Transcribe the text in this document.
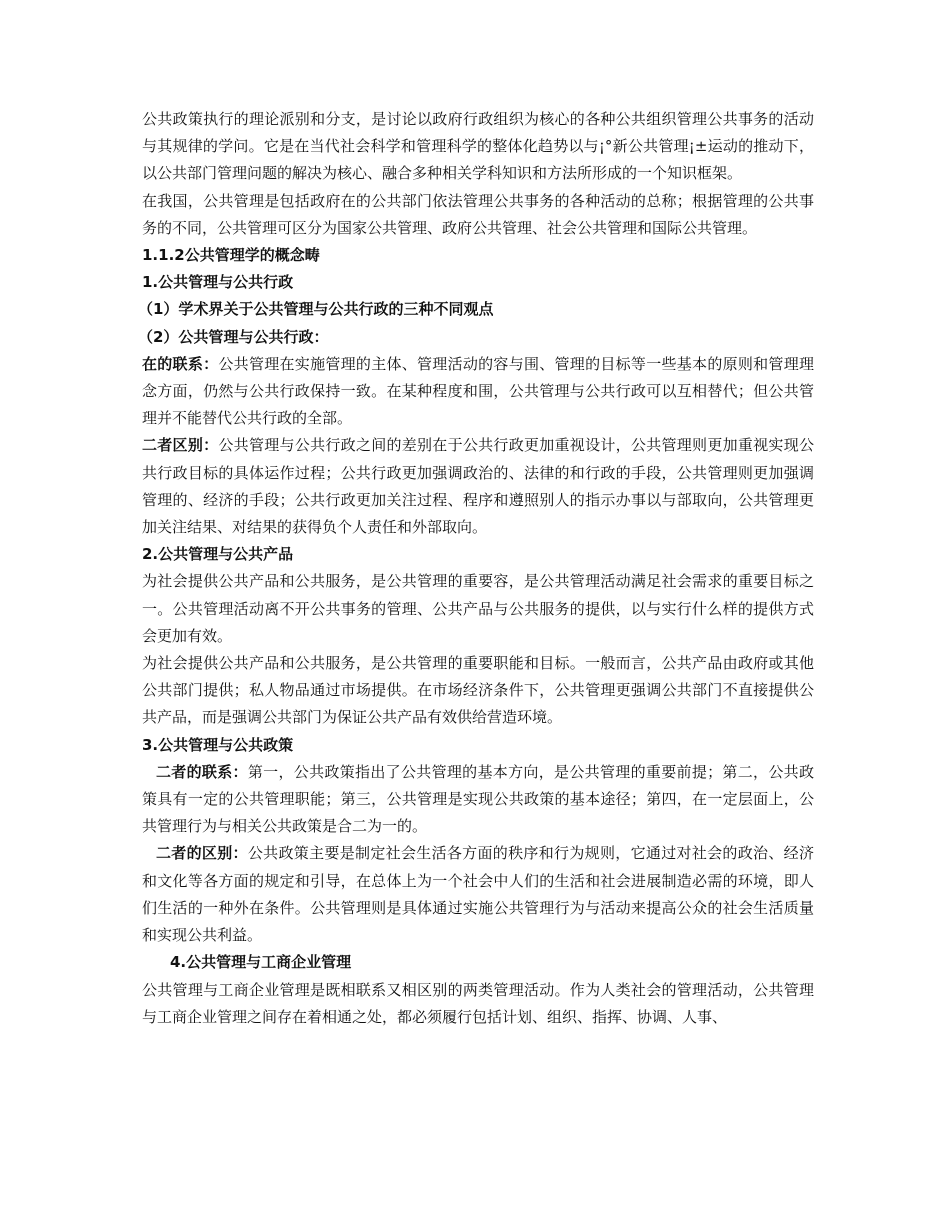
公共政策执行的理论派别和分支，是讨论以政府行政组织为核心的各种公共组织管理公共事务的活动与其规律的学问。它是在当代社会科学和管理科学的整体化趋势以与¡°新公共管理¡±运动的推动下，以公共部门管理问题的解决为核心、融合多种相关学科知识和方法所形成的一个知识框架。

在我国，公共管理是包括政府在的公共部门依法管理公共事务的各种活动的总称；根据管理的公共事务的不同，公共管理可区分为国家公共管理、政府公共管理、社会公共管理和国际公共管理。

1.1.2公共管理学的概念畴

1.公共管理与公共行政

（1）学术界关于公共管理与公共行政的三种不同观点

（2）公共管理与公共行政：

在的联系：公共管理在实施管理的主体、管理活动的容与围、管理的目标等一些基本的原则和管理理念方面，仍然与公共行政保持一致。在某种程度和围，公共管理与公共行政可以互相替代；但公共管理并不能替代公共行政的全部。

二者区别：公共管理与公共行政之间的差别在于公共行政更加重视设计，公共管理则更加重视实现公共行政目标的具体运作过程；公共行政更加强调政治的、法律的和行政的手段，公共管理则更加强调管理的、经济的手段；公共行政更加关注过程、程序和遵照别人的指示办事以与部取向，公共管理更加关注结果、对结果的获得负个人责任和外部取向。

2.公共管理与公共产品

为社会提供公共产品和公共服务，是公共管理的重要容，是公共管理活动满足社会需求的重要目标之一。公共管理活动离不开公共事务的管理、公共产品与公共服务的提供，以与实行什么样的提供方式会更加有效。

为社会提供公共产品和公共服务，是公共管理的重要职能和目标。一般而言，公共产品由政府或其他公共部门提供；私人物品通过市场提供。在市场经济条件下，公共管理更强调公共部门不直接提供公共产品，而是强调公共部门为保证公共产品有效供给营造环境。

3.公共管理与公共政策

二者的联系：第一，公共政策指出了公共管理的基本方向，是公共管理的重要前提；第二，公共政策具有一定的公共管理职能；第三，公共管理是实现公共政策的基本途径；第四，在一定层面上，公共管理行为与相关公共政策是合二为一的。

二者的区别：公共政策主要是制定社会生活各方面的秩序和行为规则，它通过对社会的政治、经济和文化等各方面的规定和引导，在总体上为一个社会中人们的生活和社会进展制造必需的环境，即人们生活的一种外在条件。公共管理则是具体通过实施公共管理行为与活动来提高公众的社会生活质量和实现公共利益。

4.公共管理与工商企业管理

公共管理与工商企业管理是既相联系又相区别的两类管理活动。作为人类社会的管理活动，公共管理与工商企业管理之间存在着相通之处，都必须履行包括计划、组织、指挥、协调、人事、
